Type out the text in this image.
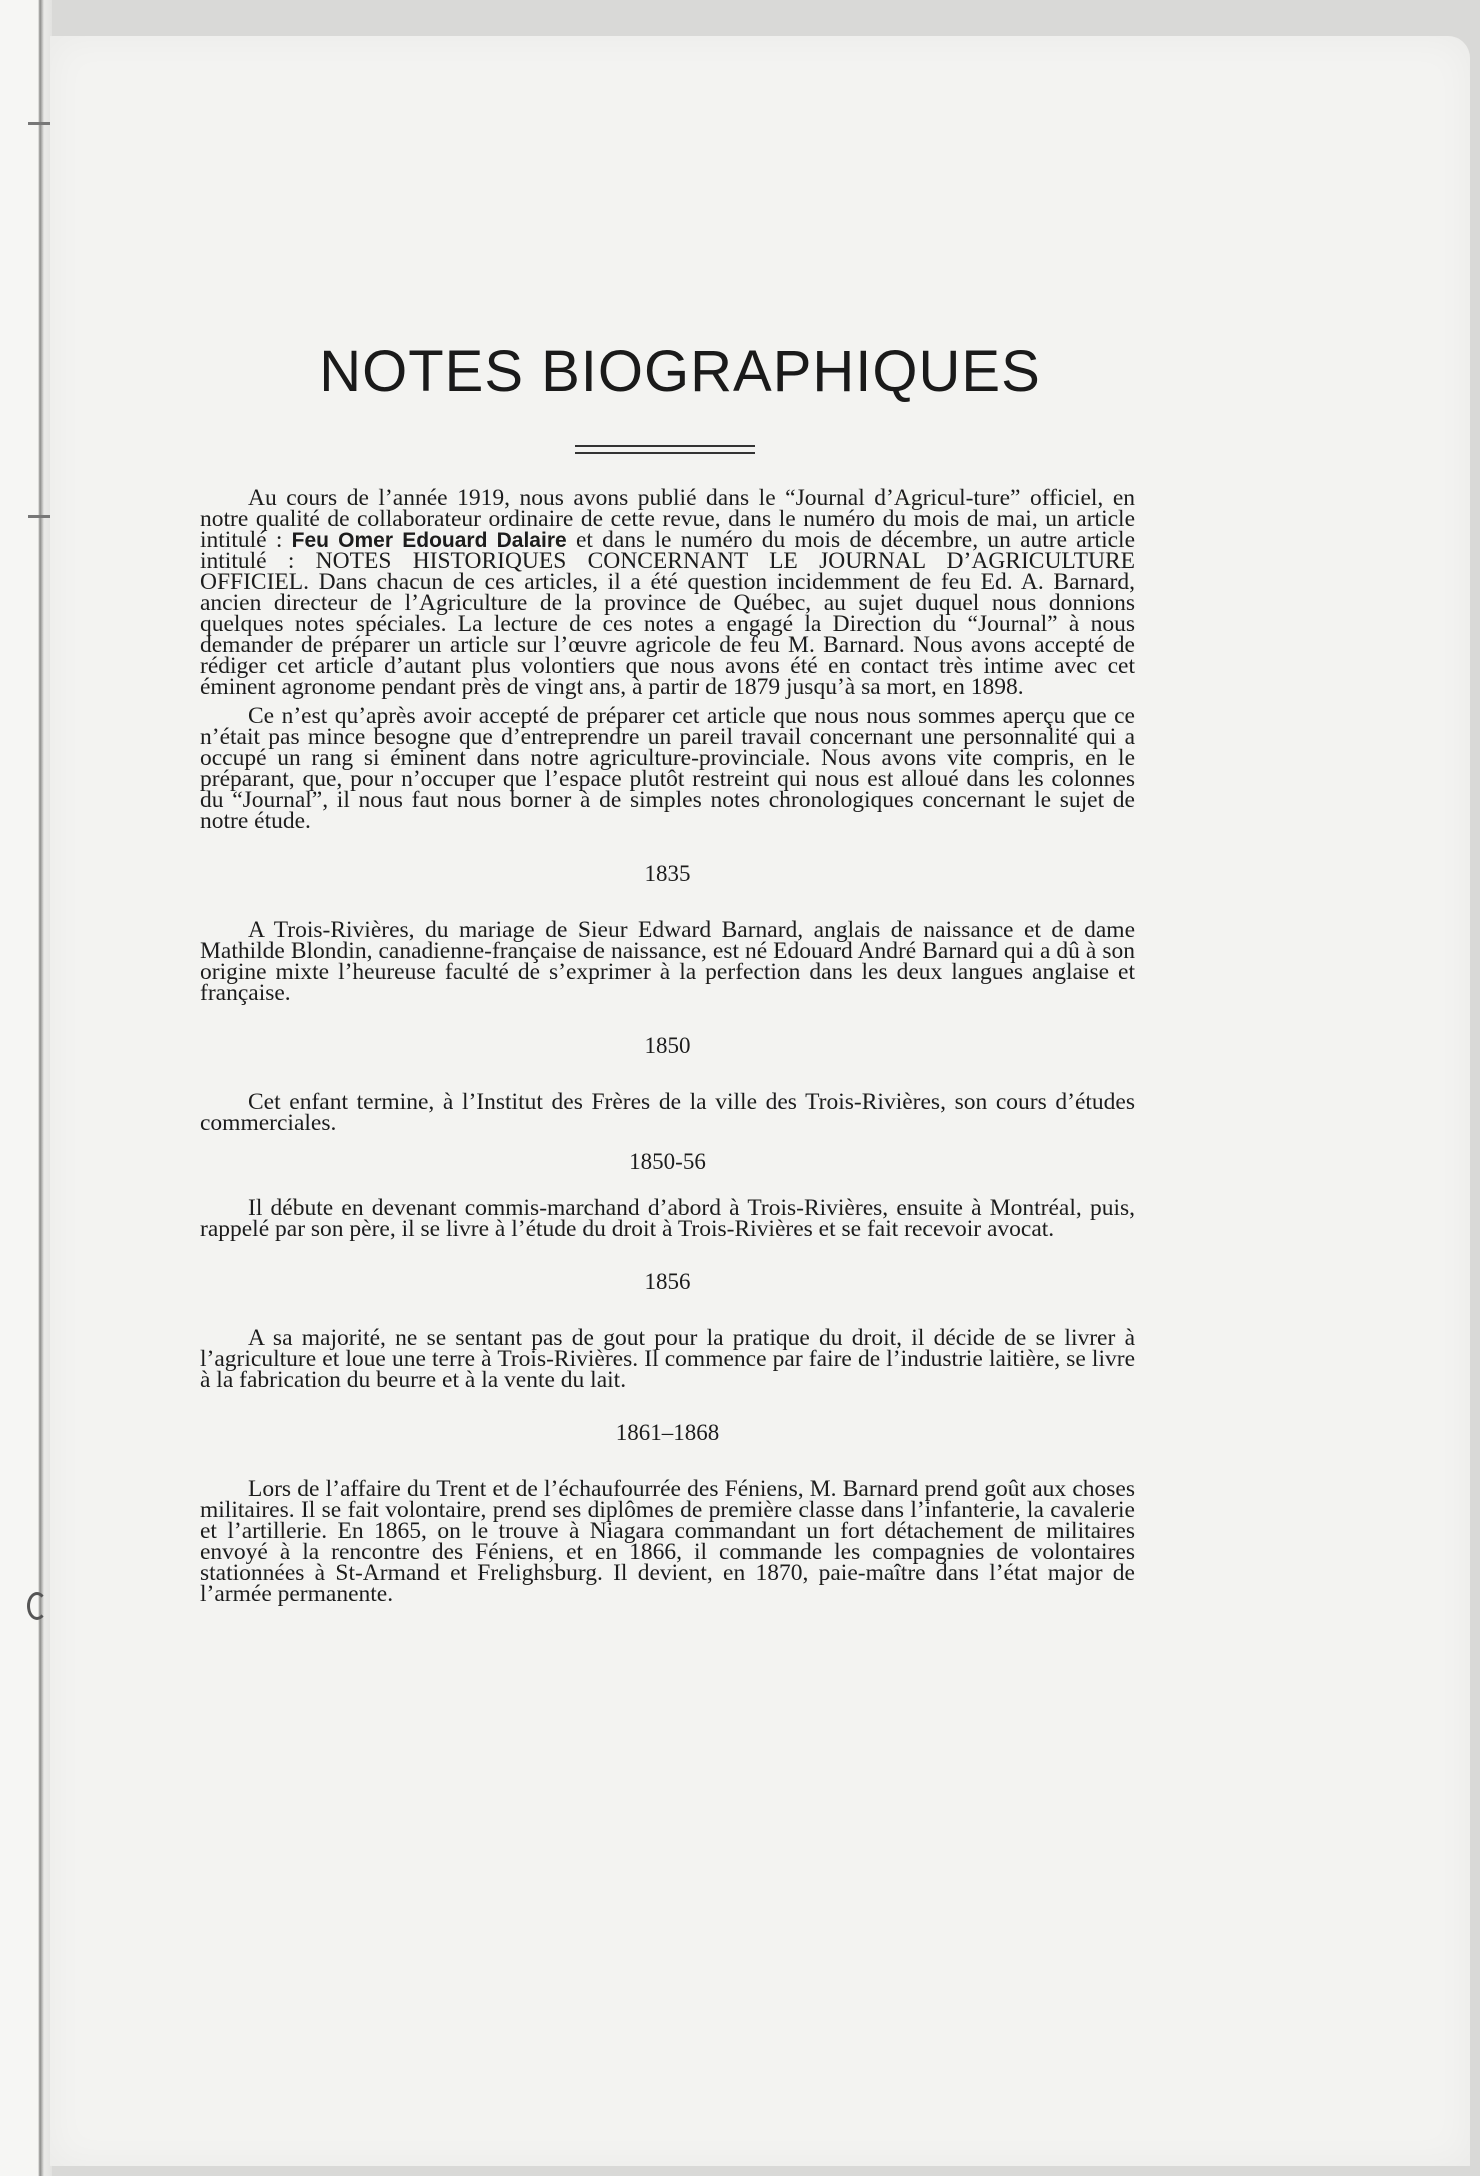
NOTES BIOGRAPHIQUES

Au cours de l’année 1919, nous avons publié dans le “Journal d’Agricul-ture” officiel, en notre qualité de collaborateur ordinaire de cette revue, dans le numéro du mois de mai, un article intitulé : Feu Omer Edouard Dalaire et dans le numéro du mois de décembre, un autre article intitulé : NOTES HISTORIQUES CONCERNANT LE JOURNAL D’AGRICULTURE OFFICIEL. Dans chacun de ces articles, il a été question incidemment de feu Ed. A. Barnard, ancien directeur de l’Agriculture de la province de Québec, au sujet duquel nous donnions quelques notes spéciales. La lecture de ces notes a engagé la Direction du “Journal” à nous demander de préparer un article sur l’œuvre agricole de feu M. Barnard. Nous avons accepté de rédiger cet article d’autant plus volontiers que nous avons été en contact très intime avec cet éminent agronome pendant près de vingt ans, à partir de 1879 jusqu’à sa mort, en 1898.

Ce n’est qu’après avoir accepté de préparer cet article que nous nous sommes aperçu que ce n’était pas mince besogne que d’entreprendre un pareil travail concernant une personnalité qui a occupé un rang si éminent dans notre agriculture-provinciale. Nous avons vite compris, en le préparant, que, pour n’occuper que l’espace plutôt restreint qui nous est alloué dans les colonnes du “Journal”, il nous faut nous borner à de simples notes chronologiques concernant le sujet de notre étude.

1835

A Trois-Rivières, du mariage de Sieur Edward Barnard, anglais de naissance et de dame Mathilde Blondin, canadienne-française de naissance, est né Edouard André Barnard qui a dû à son origine mixte l’heureuse faculté de s’exprimer à la perfection dans les deux langues anglaise et française.

1850

Cet enfant termine, à l’Institut des Frères de la ville des Trois-Rivières, son cours d’études commerciales.

1850-56

Il débute en devenant commis-marchand d’abord à Trois-Rivières, ensuite à Montréal, puis, rappelé par son père, il se livre à l’étude du droit à Trois-Rivières et se fait recevoir avocat.

1856

A sa majorité, ne se sentant pas de gout pour la pratique du droit, il décide de se livrer à l’agriculture et loue une terre à Trois-Rivières. Il commence par faire de l’industrie laitière, se livre à la fabrication du beurre et à la vente du lait.

1861–1868

Lors de l’affaire du Trent et de l’échaufourrée des Féniens, M. Barnard prend goût aux choses militaires. Il se fait volontaire, prend ses diplômes de première classe dans l’infanterie, la cavalerie et l’artillerie. En 1865, on le trouve à Niagara commandant un fort détachement de militaires envoyé à la rencontre des Féniens, et en 1866, il commande les compagnies de volontaires stationnées à St-Armand et Frelighsburg. Il devient, en 1870, paie-maître dans l’état major de l’armée permanente.
